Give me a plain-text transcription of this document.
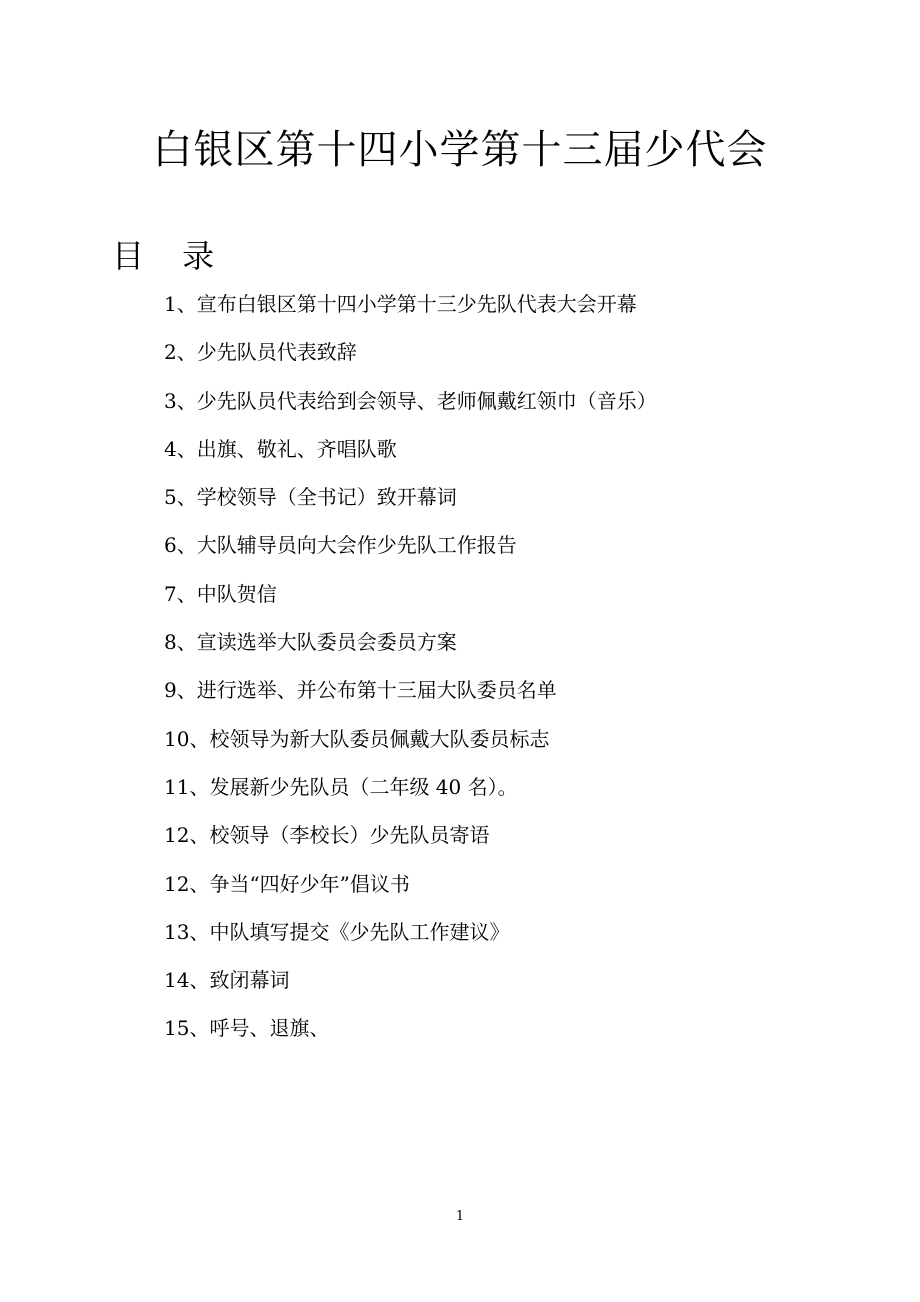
白银区第十四小学第十三届少代会
目 录
1、宣布白银区第十四小学第十三少先队代表大会开幕
2、少先队员代表致辞
3、少先队员代表给到会领导、老师佩戴红领巾（音乐）
4、出旗、敬礼、齐唱队歌
5、学校领导（全书记）致开幕词
6、大队辅导员向大会作少先队工作报告
7、中队贺信
8、宣读选举大队委员会委员方案
9、进行选举、并公布第十三届大队委员名单
10、校领导为新大队委员佩戴大队委员标志
11、发展新少先队员（二年级 40 名）。
12、校领导（李校长）少先队员寄语
12、争当“四好少年”倡议书
13、中队填写提交《少先队工作建议》
14、致闭幕词
15、呼号、退旗、
1
